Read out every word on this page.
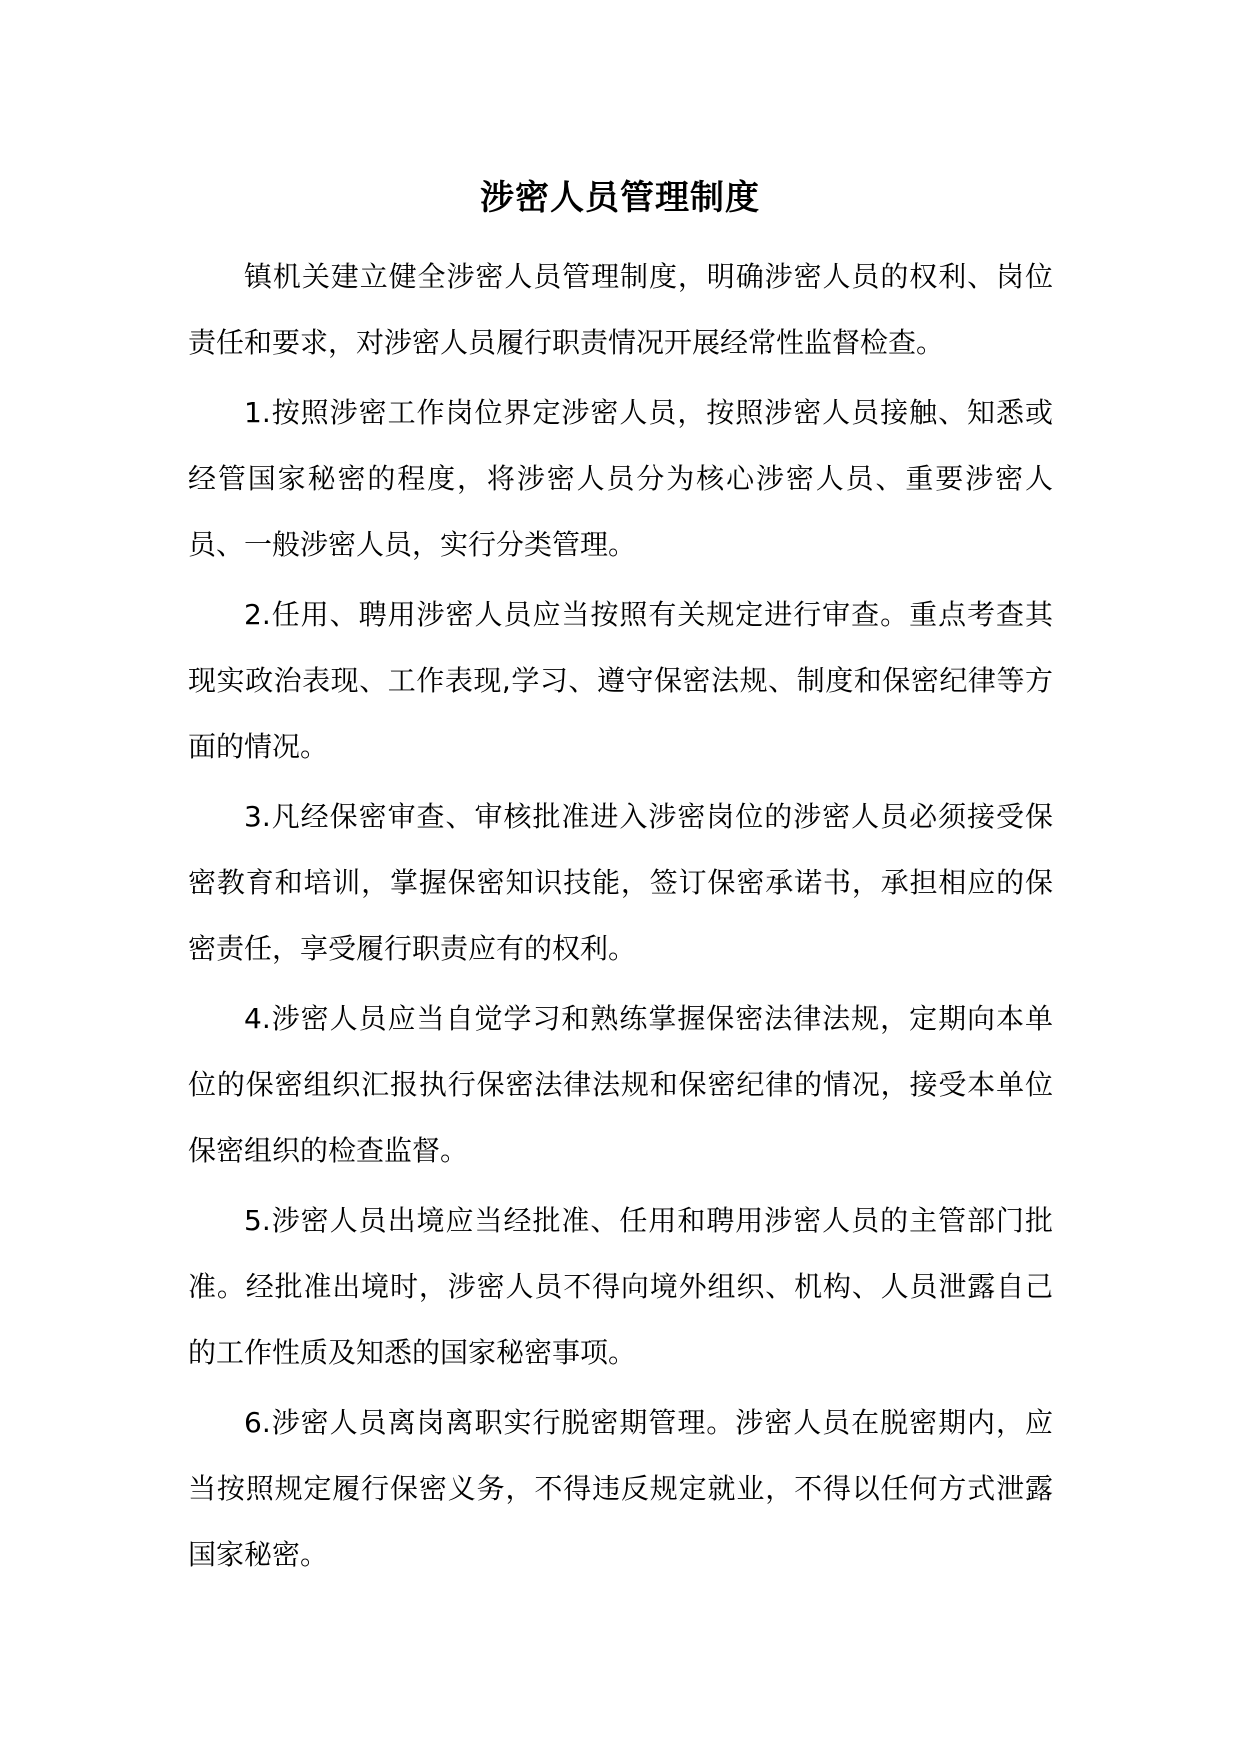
涉密人员管理制度

镇机关建立健全涉密人员管理制度，明确涉密人员的权利、岗位责任和要求，对涉密人员履行职责情况开展经常性监督检查。

1.按照涉密工作岗位界定涉密人员，按照涉密人员接触、知悉或经管国家秘密的程度，将涉密人员分为核心涉密人员、重要涉密人员、一般涉密人员，实行分类管理。

2.任用、聘用涉密人员应当按照有关规定进行审查。重点考查其现实政治表现、工作表现,学习、遵守保密法规、制度和保密纪律等方面的情况。

3.凡经保密审查、审核批准进入涉密岗位的涉密人员必须接受保密教育和培训，掌握保密知识技能，签订保密承诺书，承担相应的保密责任，享受履行职责应有的权利。

4.涉密人员应当自觉学习和熟练掌握保密法律法规，定期向本单位的保密组织汇报执行保密法律法规和保密纪律的情况，接受本单位保密组织的检查监督。

5.涉密人员出境应当经批准、任用和聘用涉密人员的主管部门批准。经批准出境时，涉密人员不得向境外组织、机构、人员泄露自己的工作性质及知悉的国家秘密事项。

6.涉密人员离岗离职实行脱密期管理。涉密人员在脱密期内，应当按照规定履行保密义务，不得违反规定就业，不得以任何方式泄露国家秘密。
